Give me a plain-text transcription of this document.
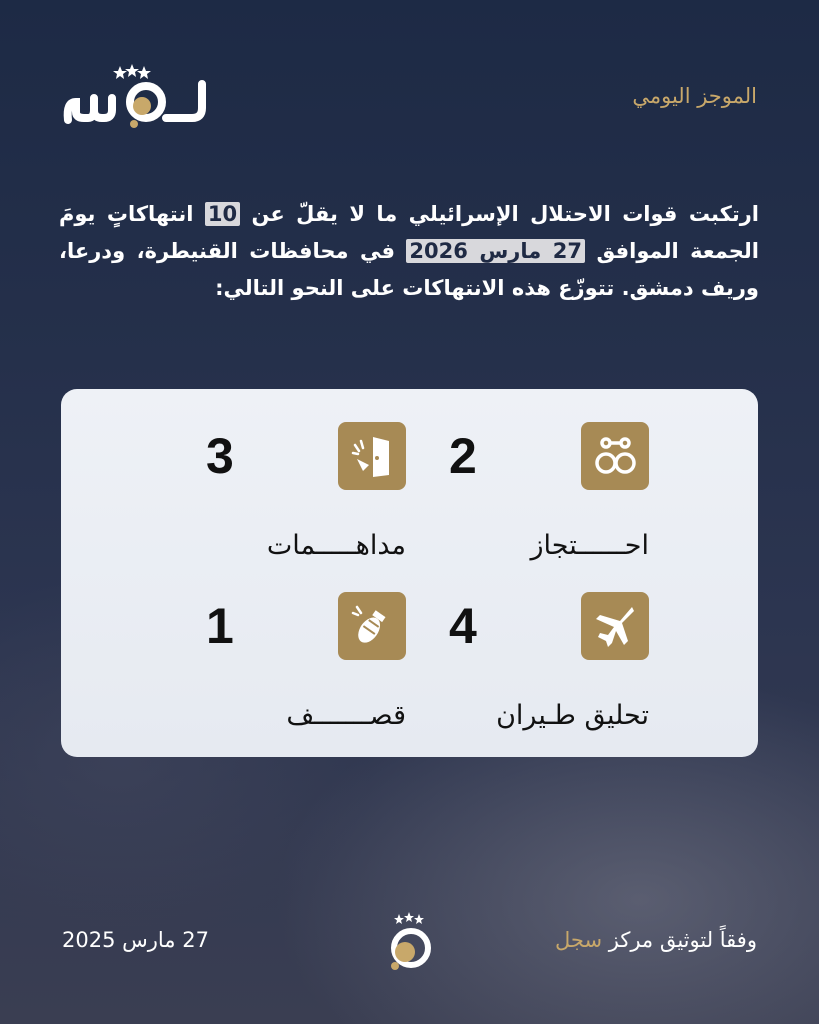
الموجز اليومي
ارتكبت قوات الاحتلال الإسرائيلي ما لا يقلّ عن 10 انتهاكاتٍ يومَ الجمعة الموافق 27 مارس 2026 في محافظات القنيطرة، ودرعا، وريف دمشق. تتوزّع هذه الانتهاكات على النحو التالي:
2
احــــــتجاز
3
مداهـــــمات
4
تحليق طـيران
1
قصـــــــف
27 مارس 2025	وفقاً لتوثيق مركز سجل
